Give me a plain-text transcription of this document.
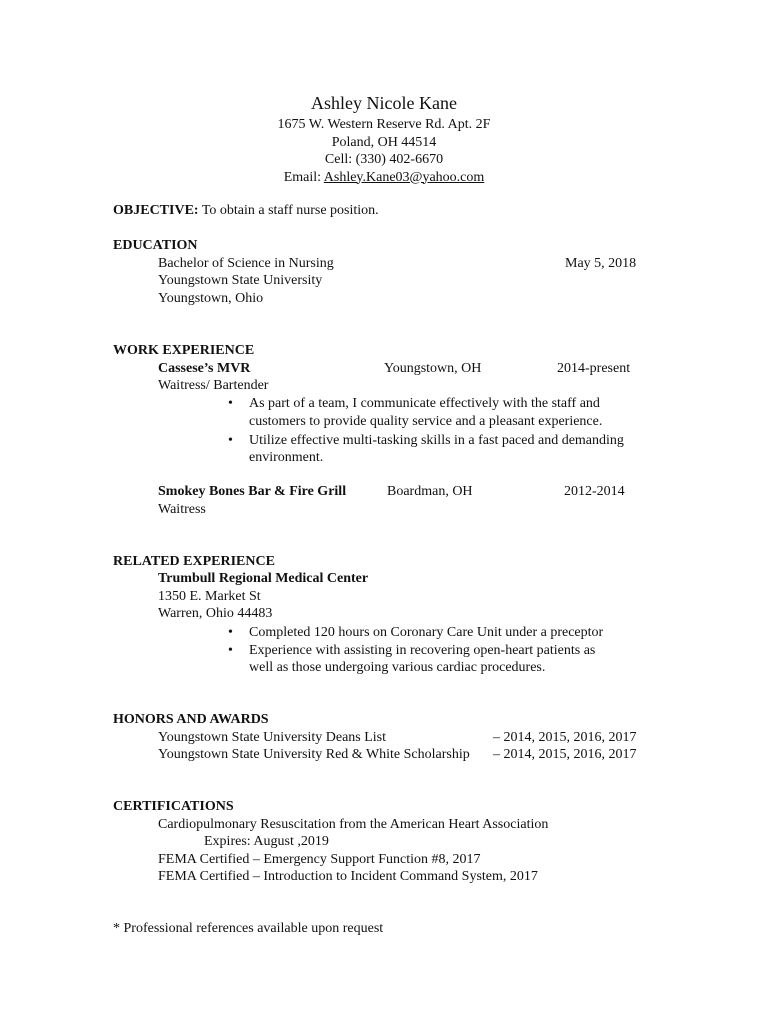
Ashley Nicole Kane
1675 W. Western Reserve Rd. Apt. 2F
Poland, OH 44514
Cell: (330) 402-6670
Email: Ashley.Kane03@yahoo.com
OBJECTIVE: To obtain a staff nurse position.
EDUCATION
Bachelor of Science in Nursing	May 5, 2018
Youngstown State University
Youngstown, Ohio
WORK EXPERIENCE
Cassese’s MVR	Youngstown, OH	2014-present
Waitress/ Bartender
• As part of a team, I communicate effectively with the staff and
customers to provide quality service and a pleasant experience.
• Utilize effective multi-tasking skills in a fast paced and demanding
environment.
Smokey Bones Bar & Fire Grill	Boardman, OH	2012-2014
Waitress
RELATED EXPERIENCE
Trumbull Regional Medical Center
1350 E. Market St
Warren, Ohio 44483
• Completed 120 hours on Coronary Care Unit under a preceptor
• Experience with assisting in recovering open-heart patients as
well as those undergoing various cardiac procedures.
HONORS AND AWARDS
Youngstown State University Deans List	– 2014, 2015, 2016, 2017
Youngstown State University Red & White Scholarship – 2014, 2015, 2016, 2017
CERTIFICATIONS
Cardiopulmonary Resuscitation from the American Heart Association
Expires: August ,2019
FEMA Certified – Emergency Support Function #8, 2017
FEMA Certified – Introduction to Incident Command System, 2017
* Professional references available upon request
